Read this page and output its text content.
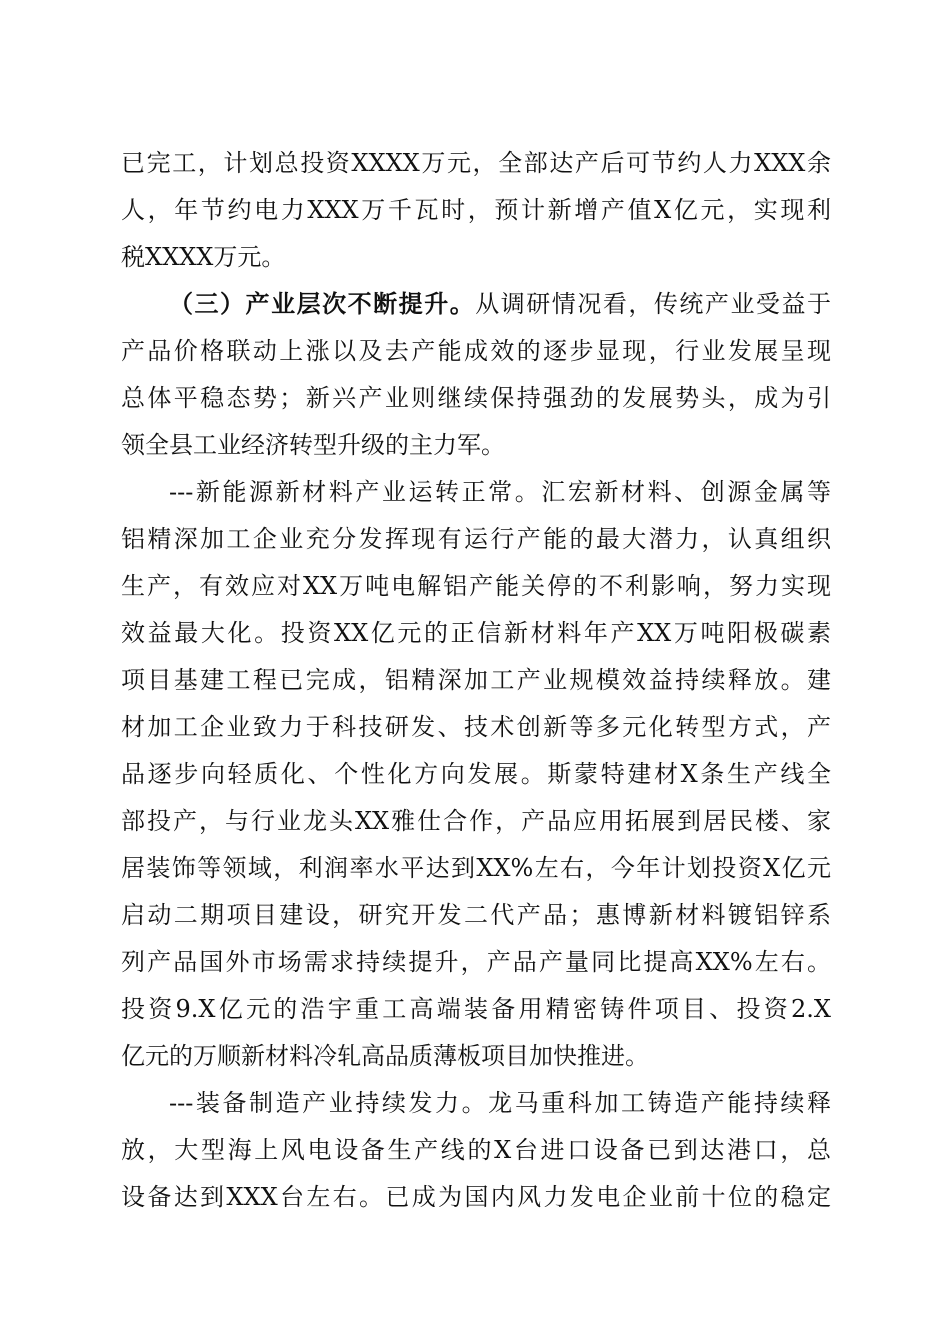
已完工，计划总投资XXXX万元，全部达产后可节约人力XXX余
人，年节约电力XXX万千瓦时，预计新增产值X亿元，实现利
税XXXX万元。
（三）产业层次不断提升。从调研情况看，传统产业受益于
产品价格联动上涨以及去产能成效的逐步显现，行业发展呈现
总体平稳态势；新兴产业则继续保持强劲的发展势头，成为引
领全县工业经济转型升级的主力军。
---新能源新材料产业运转正常。汇宏新材料、创源金属等
铝精深加工企业充分发挥现有运行产能的最大潜力，认真组织
生产，有效应对XX万吨电解铝产能关停的不利影响，努力实现
效益最大化。投资XX亿元的正信新材料年产XX万吨阳极碳素
项目基建工程已完成，铝精深加工产业规模效益持续释放。建
材加工企业致力于科技研发、技术创新等多元化转型方式，产
品逐步向轻质化、个性化方向发展。斯蒙特建材X条生产线全
部投产，与行业龙头XX雅仕合作，产品应用拓展到居民楼、家
居装饰等领域，利润率水平达到XX%左右，今年计划投资X亿元
启动二期项目建设，研究开发二代产品；惠博新材料镀铝锌系
列产品国外市场需求持续提升，产品产量同比提高XX%左右。
投资9.X亿元的浩宇重工高端装备用精密铸件项目、投资2.X
亿元的万顺新材料冷轧高品质薄板项目加快推进。
---装备制造产业持续发力。龙马重科加工铸造产能持续释
放，大型海上风电设备生产线的X台进口设备已到达港口，总
设备达到XXX台左右。已成为国内风力发电企业前十位的稳定
